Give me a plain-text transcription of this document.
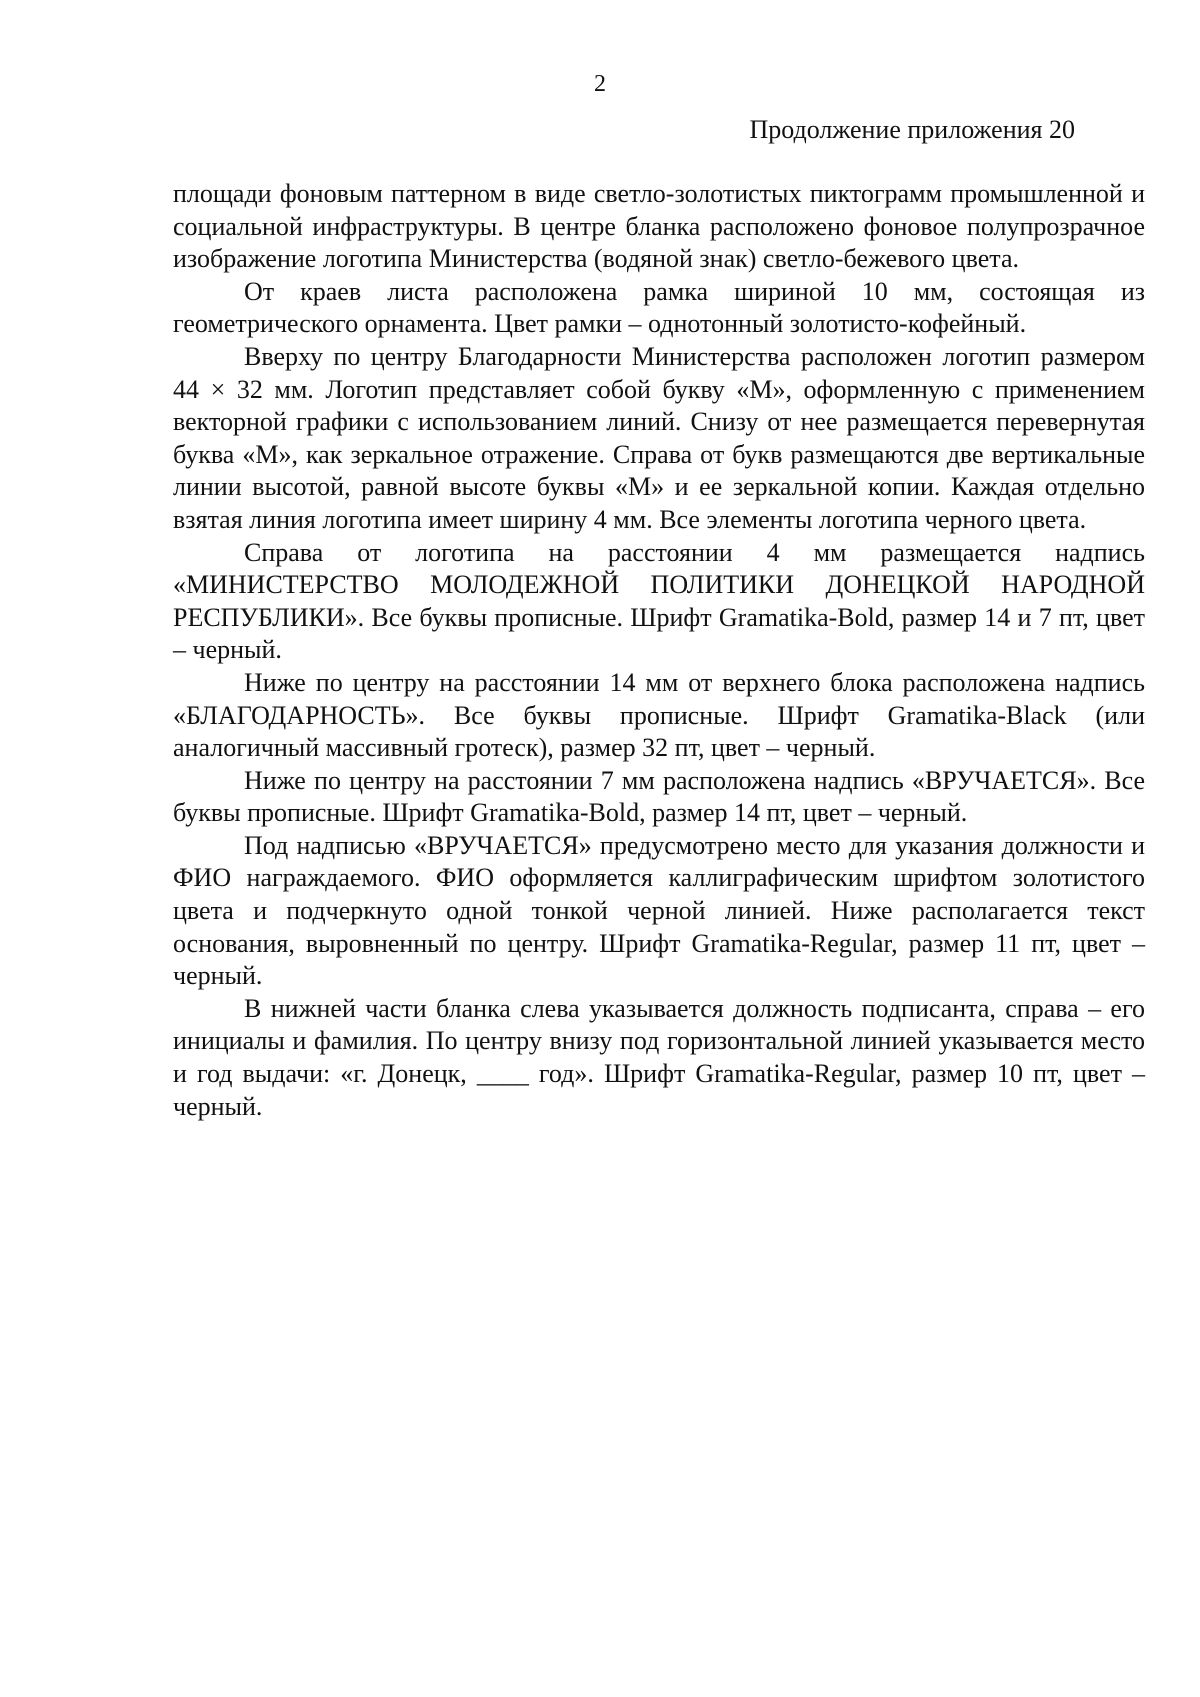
2
Продолжение приложения 20

площади фоновым паттерном в виде светло-золотистых пиктограмм промышленной и социальной инфраструктуры. В центре бланка расположено фоновое полупрозрачное изображение логотипа Министерства (водяной знак) светло-бежевого цвета.

От краев листа расположена рамка шириной 10 мм, состоящая из геометрического орнамента. Цвет рамки – однотонный золотисто-кофейный.

Вверху по центру Благодарности Министерства расположен логотип размером 44 × 32 мм. Логотип представляет собой букву «М», оформленную с применением векторной графики с использованием линий. Снизу от нее размещается перевернутая буква «М», как зеркальное отражение. Справа от букв размещаются две вертикальные линии высотой, равной высоте буквы «М» и ее зеркальной копии. Каждая отдельно взятая линия логотипа имеет ширину 4 мм. Все элементы логотипа черного цвета.

Справа от логотипа на расстоянии 4 мм размещается надпись «МИНИСТЕРСТВО МОЛОДЕЖНОЙ ПОЛИТИКИ ДОНЕЦКОЙ НАРОДНОЙ РЕСПУБЛИКИ». Все буквы прописные. Шрифт Gramatika-Bold, размер 14 и 7 пт, цвет – черный.

Ниже по центру на расстоянии 14 мм от верхнего блока расположена надпись «БЛАГОДАРНОСТЬ». Все буквы прописные. Шрифт Gramatika-Black (или аналогичный массивный гротеск), размер 32 пт, цвет – черный.

Ниже по центру на расстоянии 7 мм расположена надпись «ВРУЧАЕТСЯ». Все буквы прописные. Шрифт Gramatika-Bold, размер 14 пт, цвет – черный.

Под надписью «ВРУЧАЕТСЯ» предусмотрено место для указания должности и ФИО награждаемого. ФИО оформляется каллиграфическим шрифтом золотистого цвета и подчеркнуто одной тонкой черной линией. Ниже располагается текст основания, выровненный по центру. Шрифт Gramatika-Regular, размер 11 пт, цвет – черный.

В нижней части бланка слева указывается должность подписанта, справа – его инициалы и фамилия. По центру внизу под горизонтальной линией указывается место и год выдачи: «г. Донецк, ____ год». Шрифт Gramatika-Regular, размер 10 пт, цвет – черный.
